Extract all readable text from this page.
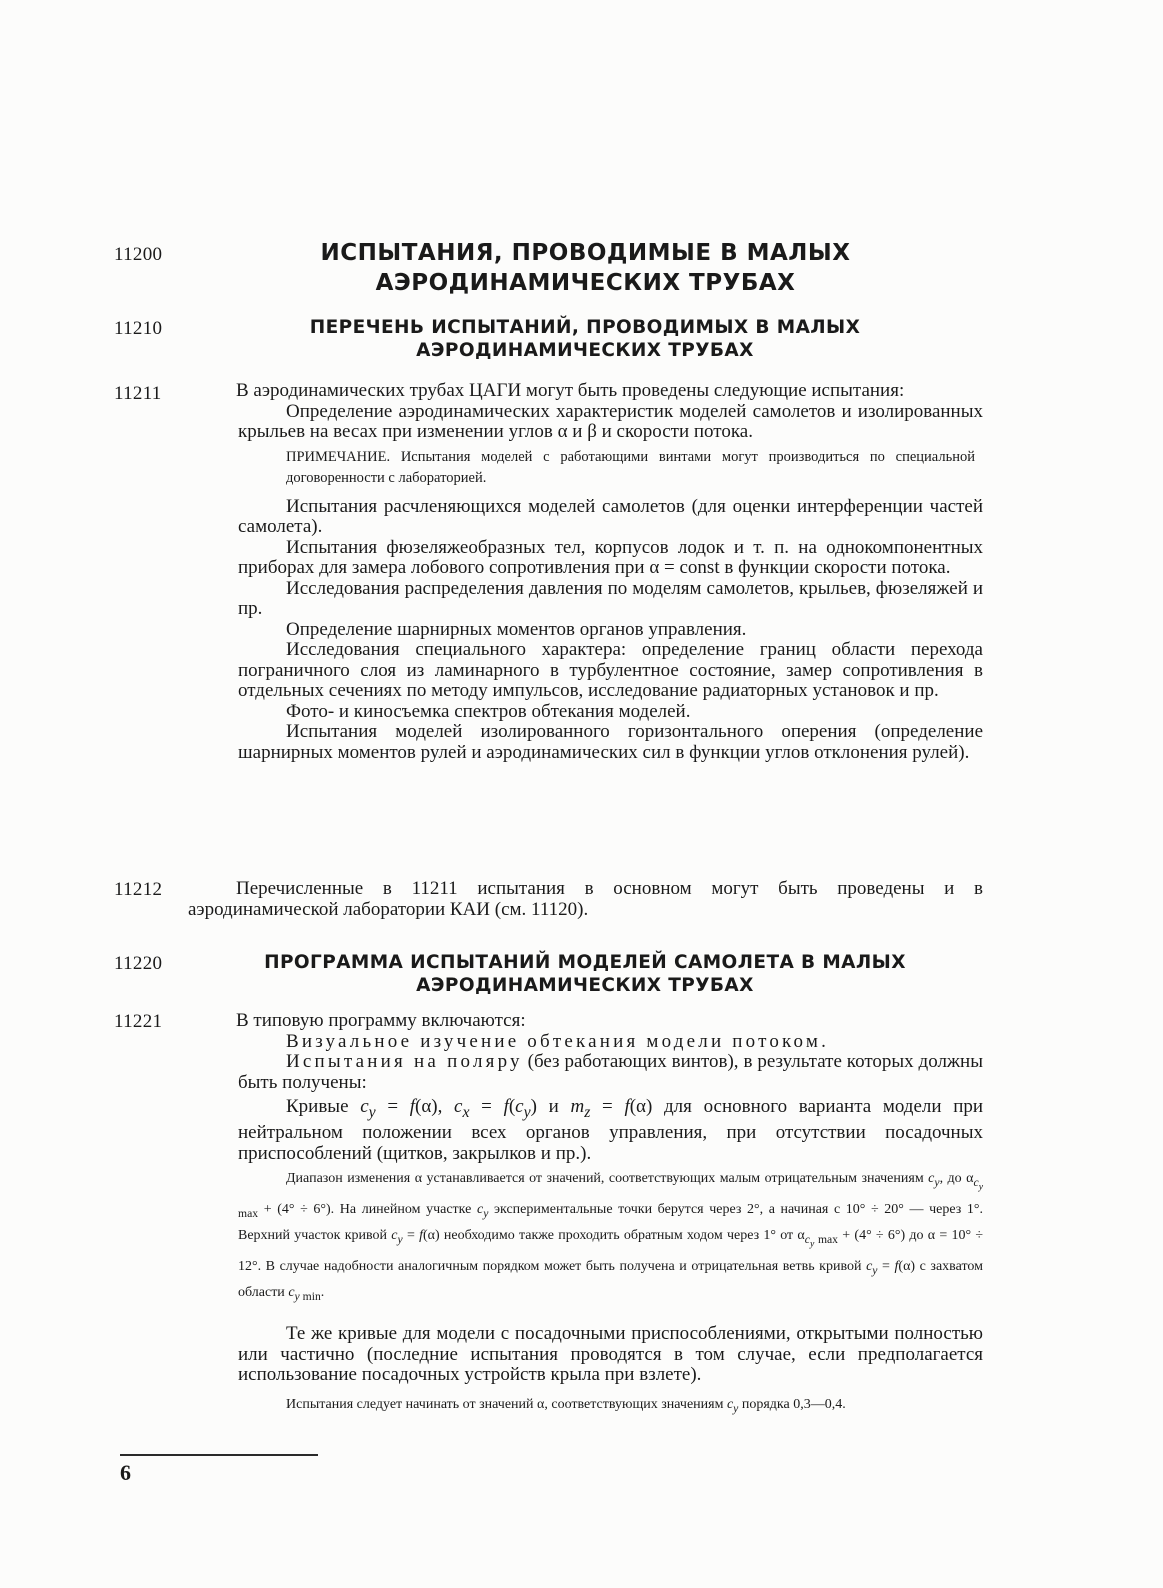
11200	ИСПЫТАНИЯ, ПРОВОДИМЫЕ В МАЛЫХ АЭРОДИНАМИЧЕСКИХ ТРУБАХ
11210	ПЕРЕЧЕНЬ ИСПЫТАНИЙ, ПРОВОДИМЫХ В МАЛЫХ АЭРОДИНАМИЧЕСКИХ ТРУБАХ
11211	В аэродинамических трубах ЦАГИ могут быть проведены следующие испытания:

Определение аэродинамических характеристик моделей самолетов и изолированных крыльев на весах при изменении углов α и β и скорости потока.

ПРИМЕЧАНИЕ. Испытания моделей с работающими винтами могут производиться по специальной договоренности с лабораторией.

Испытания расчленяющихся моделей самолетов (для оценки интерференции частей самолета).

Испытания фюзеляжеобразных тел, корпусов лодок и т. п. на однокомпонентных приборах для замера лобового сопротивления при α = const в функции скорости потока.

Исследования распределения давления по моделям самолетов, крыльев, фюзеляжей и пр.

Определение шарнирных моментов органов управления.

Исследования специального характера: определение границ области перехода пограничного слоя из ламинарного в турбулентное состояние, замер сопротивления в отдельных сечениях по методу импульсов, исследование радиаторных установок и пр.

Фото- и киносъемка спектров обтекания моделей.

Испытания моделей изолированного горизонтального оперения (определение шарнирных моментов рулей и аэродинамических сил в функции углов отклонения рулей).

11212	Перечисленные в 11211 испытания в основном могут быть проведены и в аэродинамической лаборатории КАИ (см. 11120).

11220	ПРОГРАММА ИСПЫТАНИЙ МОДЕЛЕЙ САМОЛЕТА В МАЛЫХ АЭРОДИНАМИЧЕСКИХ ТРУБАХ
11221	В типовую программу включаются:

Визуальное изучение обтекания модели потоком.

Испытания на поляру (без работающих винтов), в результате которых должны быть получены:

Кривые $c_y = f(\alpha)$, $c_x = f(c_y)$ и $m_z = f(\alpha)$ для основного варианта модели при нейтральном положении всех органов управления, при отсутствии посадочных приспособлений (щитков, закрылков и пр.).

Диапазон изменения α устанавливается от значений, соответствующих малым отрицательным значениям $c_y$, до $\alpha_{c_y max} + (4^\circ \div 6^\circ)$. На линейном участке $c_y$ экспериментальные точки берутся через 2°, а начиная с 10° ÷ 20° — через 1°. Верхний участок кривой $c_y = f(\alpha)$ необходимо также проходить обратным ходом через 1° от $\alpha_{c_y max} + (4^\circ \div 6^\circ)$ до α = 10° ÷ 12°. В случае надобности аналогичным порядком может быть получена и отрицательная ветвь кривой $c_y = f(\alpha)$ с захватом области $c_y$ $_{min}$.

Те же кривые для модели с посадочными приспособлениями, открытыми полностью или частично (последние испытания проводятся в том случае, если предполагается использование посадочных устройств крыла при взлете).

Испытания следует начинать от значений α, соответствующих значениям $c_y$ порядка 0,3—0,4.

6
